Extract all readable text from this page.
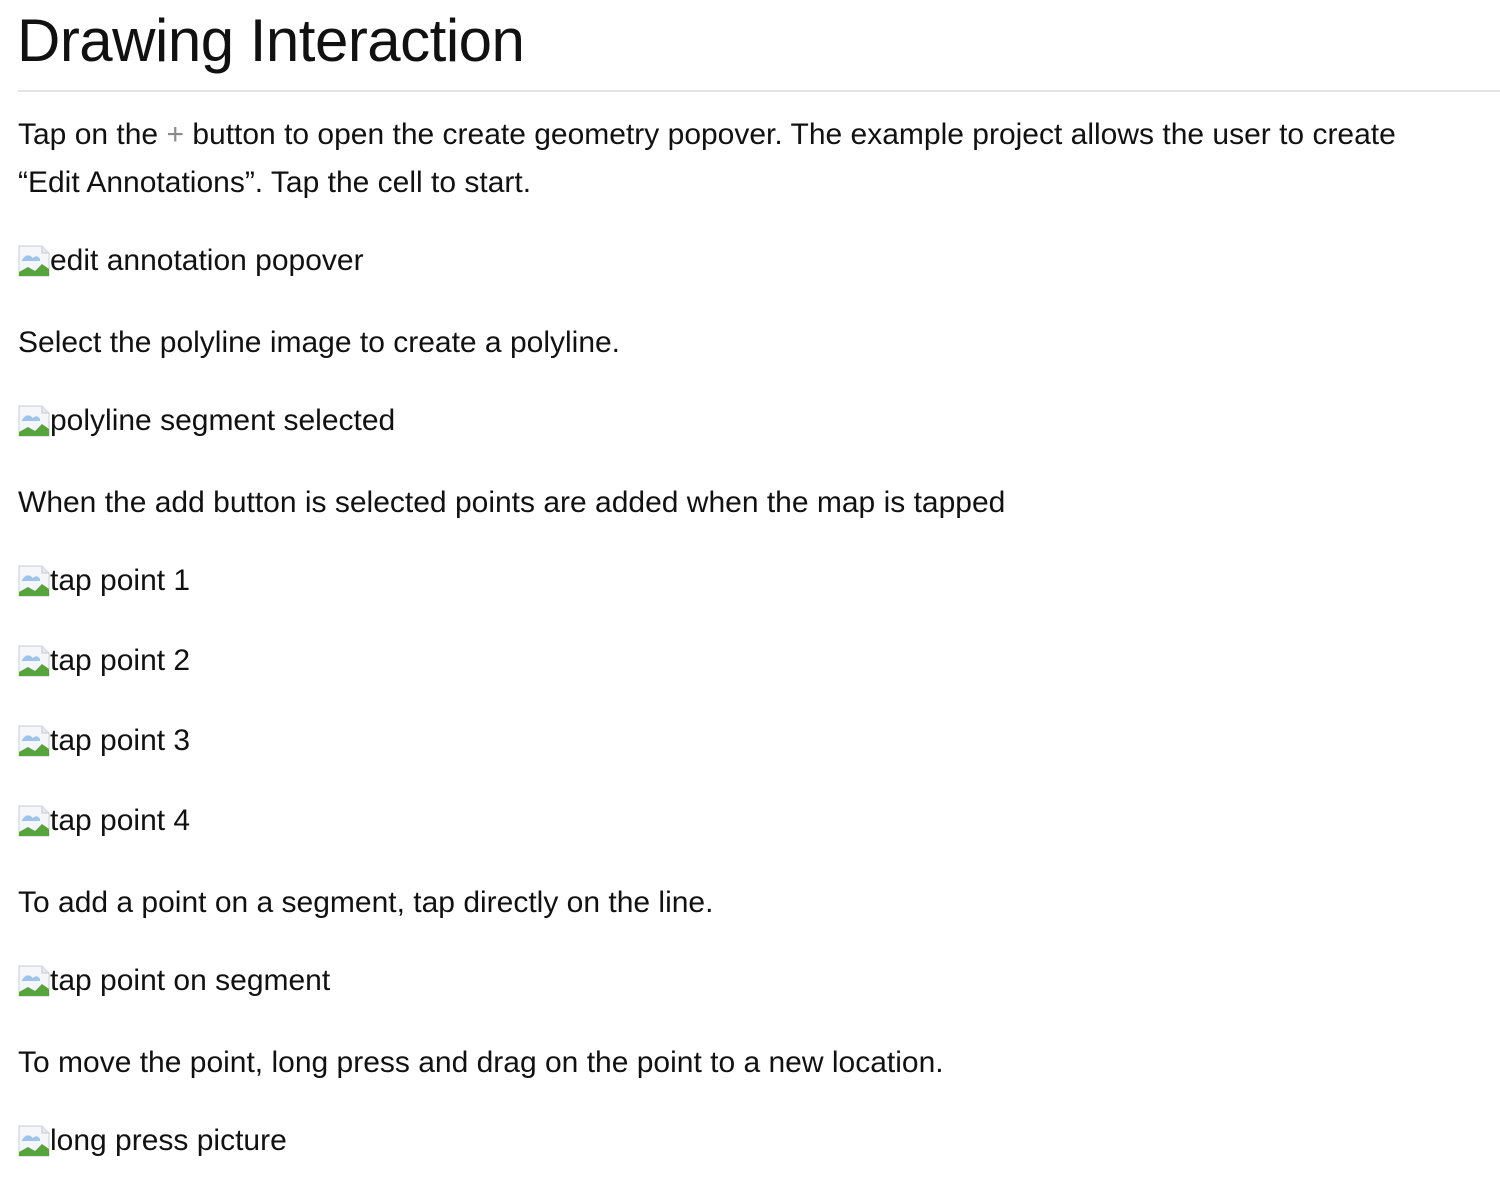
Drawing Interaction

Tap on the + button to open the create geometry popover. The example project allows the user to create

“Edit Annotations”. Tap the cell to start.

edit annotation popover

Select the polyline image to create a polyline.

polyline segment selected

When the add button is selected points are added when the map is tapped

tap point 1
tap point 2
tap point 3
tap point 4

To add a point on a segment, tap directly on the line.

tap point on segment

To move the point, long press and drag on the point to a new location.

long press picture
